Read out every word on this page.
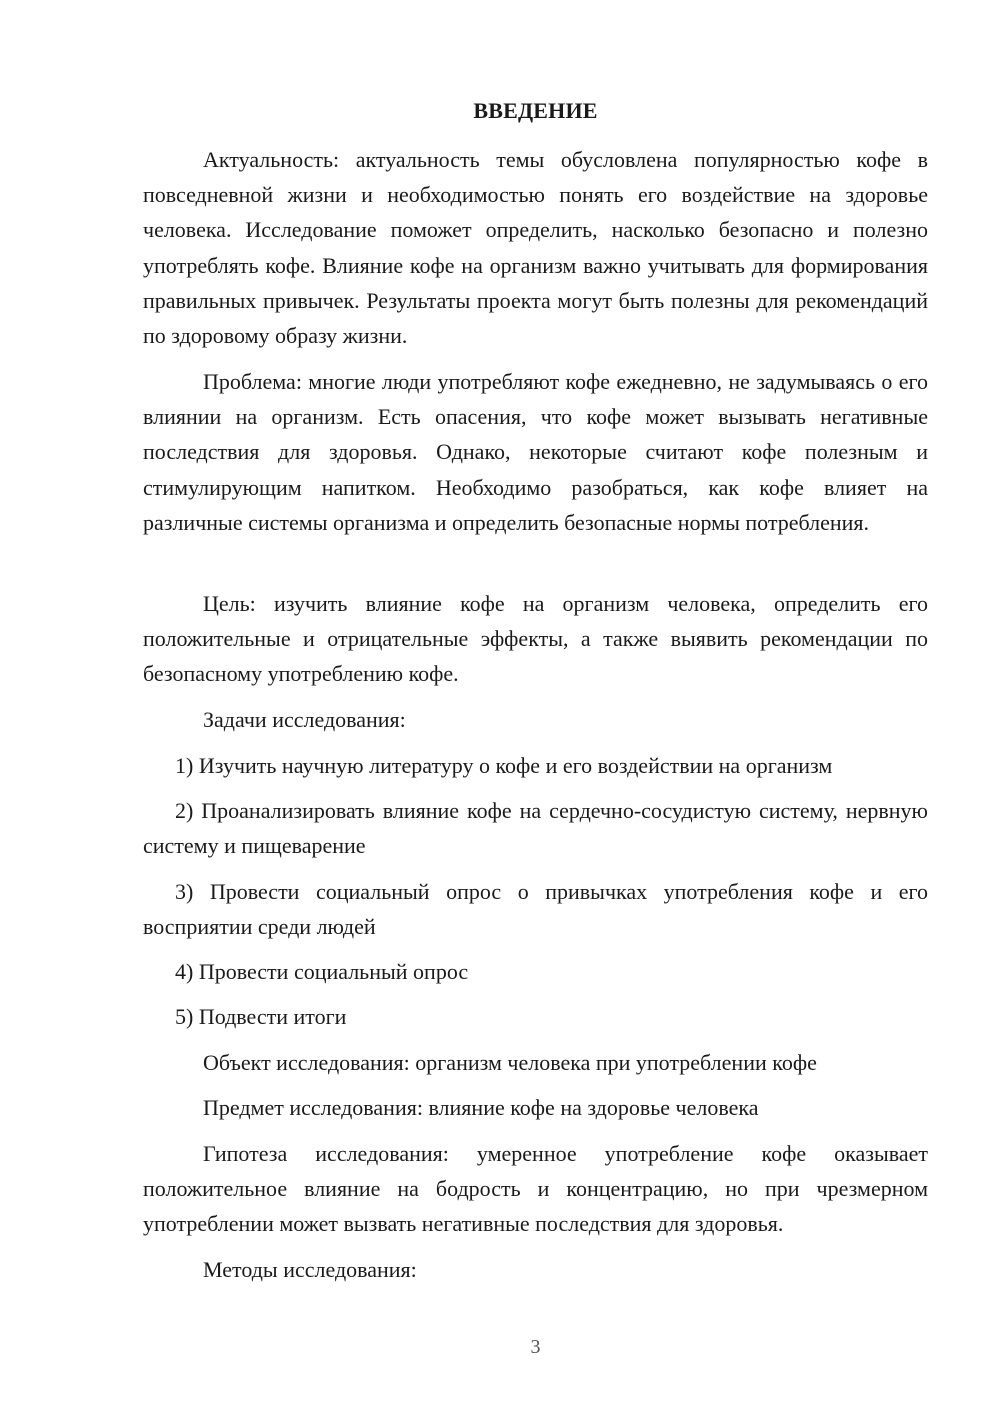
ВВЕДЕНИЕ

Актуальность: актуальность темы обусловлена популярностью кофе в повседневной жизни и необходимостью понять его воздействие на здоровье человека. Исследование поможет определить, насколько безопасно и полезно употреблять кофе. Влияние кофе на организм важно учитывать для формирования правильных привычек. Результаты проекта могут быть полезны для рекомендаций по здоровому образу жизни.

Проблема: многие люди употребляют кофе ежедневно, не задумываясь о его влиянии на организм. Есть опасения, что кофе может вызывать негативные последствия для здоровья. Однако, некоторые считают кофе полезным и стимулирующим напитком. Необходимо разобраться, как кофе влияет на различные системы организма и определить безопасные нормы потребления.

Цель: изучить влияние кофе на организм человека, определить его положительные и отрицательные эффекты, а также выявить рекомендации по безопасному употреблению кофе.

Задачи исследования:

1) Изучить научную литературу о кофе и его воздействии на организм

2) Проанализировать влияние кофе на сердечно-сосудистую систему, нервную систему и пищеварение

3) Провести социальный опрос о привычках употребления кофе и его восприятии среди людей

4) Провести социальный опрос

5) Подвести итоги

Объект исследования: организм человека при употреблении кофе

Предмет исследования: влияние кофе на здоровье человека

Гипотеза исследования: умеренное употребление кофе оказывает положительное влияние на бодрость и концентрацию, но при чрезмерном употреблении может вызвать негативные последствия для здоровья.

Методы исследования:

3
